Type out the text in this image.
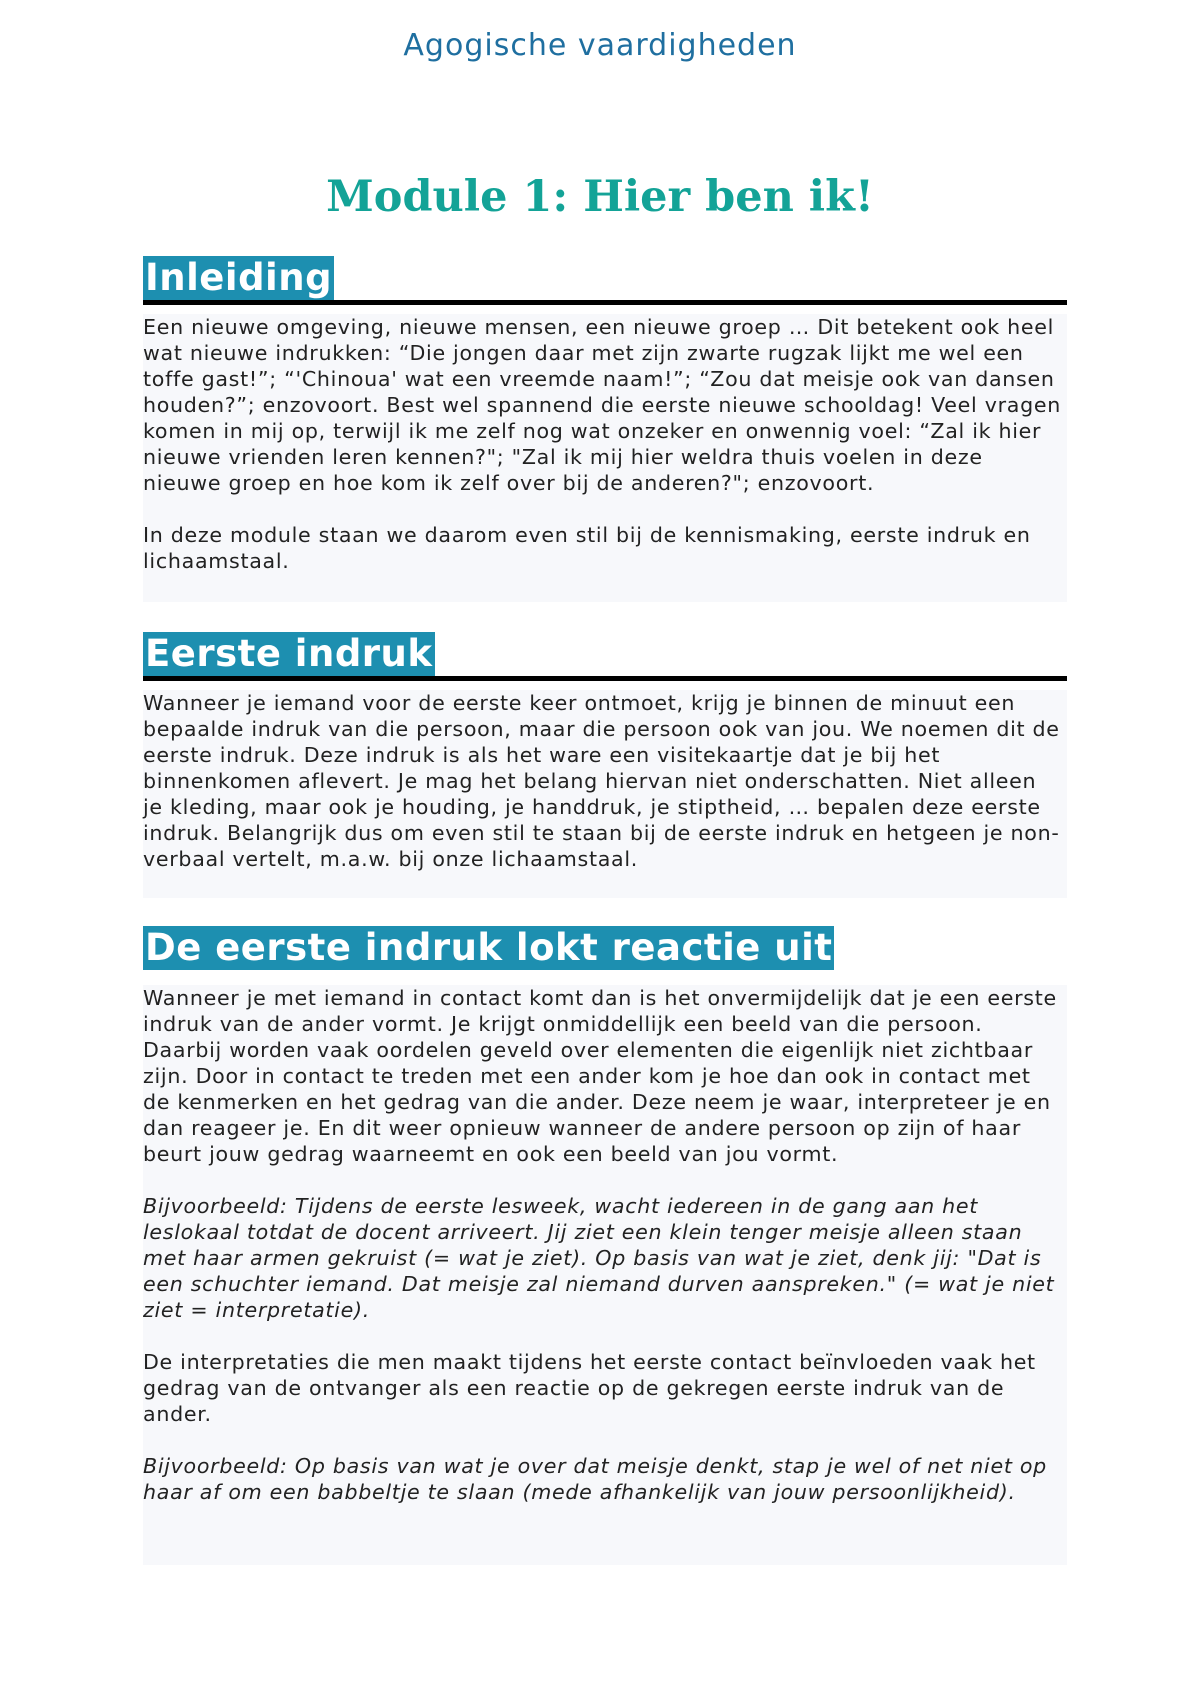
Agogische vaardigheden
Module 1: Hier ben ik!
Inleiding

Een nieuwe omgeving, nieuwe mensen, een nieuwe groep … Dit betekent ook heel wat nieuwe indrukken: “Die jongen daar met zijn zwarte rugzak lijkt me wel een toffe gast!”; “'Chinoua' wat een vreemde naam!”; “Zou dat meisje ook van dansen houden?”; enzovoort. Best wel spannend die eerste nieuwe schooldag! Veel vragen komen in mij op, terwijl ik me zelf nog wat onzeker en onwennig voel: “Zal ik hier nieuwe vrienden leren kennen?"; "Zal ik mij hier weldra thuis voelen in deze nieuwe groep en hoe kom ik zelf over bij de anderen?"; enzovoort.

In deze module staan we daarom even stil bij de kennismaking, eerste indruk en lichaamstaal.

Eerste indruk

Wanneer je iemand voor de eerste keer ontmoet, krijg je binnen de minuut een bepaalde indruk van die persoon, maar die persoon ook van jou. We noemen dit de eerste indruk. Deze indruk is als het ware een visitekaartje dat je bij het binnenkomen aflevert. Je mag het belang hiervan niet onderschatten. Niet alleen je kleding, maar ook je houding, je handdruk, je stiptheid, … bepalen deze eerste indruk. Belangrijk dus om even stil te staan bij de eerste indruk en hetgeen je non-verbaal vertelt, m.a.w. bij onze lichaamstaal.

De eerste indruk lokt reactie uit

Wanneer je met iemand in contact komt dan is het onvermijdelijk dat je een eerste indruk van de ander vormt. Je krijgt onmiddellijk een beeld van die persoon. Daarbij worden vaak oordelen geveld over elementen die eigenlijk niet zichtbaar zijn. Door in contact te treden met een ander kom je hoe dan ook in contact met de kenmerken en het gedrag van die ander. Deze neem je waar, interpreteer je en dan reageer je. En dit weer opnieuw wanneer de andere persoon op zijn of haar beurt jouw gedrag waarneemt en ook een beeld van jou vormt.

Bijvoorbeeld: Tijdens de eerste lesweek, wacht iedereen in de gang aan het leslokaal totdat de docent arriveert. Jij ziet een klein tenger meisje alleen staan met haar armen gekruist (= wat je ziet). Op basis van wat je ziet, denk jij: "Dat is een schuchter iemand. Dat meisje zal niemand durven aanspreken." (= wat je niet ziet = interpretatie).

De interpretaties die men maakt tijdens het eerste contact beïnvloeden vaak het gedrag van de ontvanger als een reactie op de gekregen eerste indruk van de ander.

Bijvoorbeeld: Op basis van wat je over dat meisje denkt, stap je wel of net niet op haar af om een babbeltje te slaan (mede afhankelijk van jouw persoonlijkheid).
